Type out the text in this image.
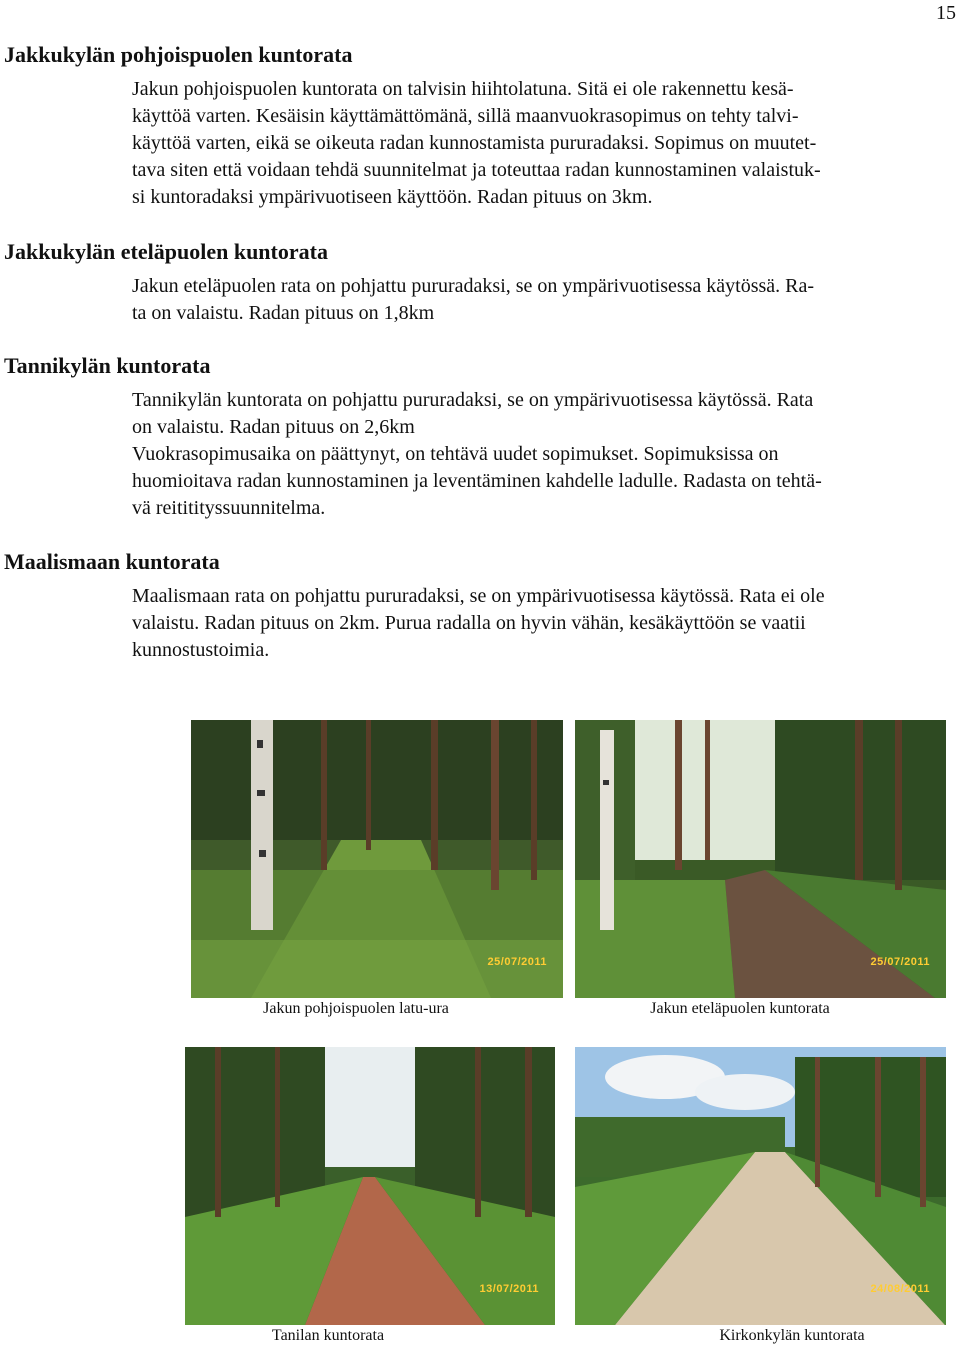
15
Jakkukylän pohjoispuolen kuntorata
Jakun pohjoispuolen kuntorata on talvisin hiihtolatuna. Sitä ei ole rakennettu kesä-
käyttöä varten. Kesäisin käyttämättömänä, sillä maanvuokrasopimus on tehty talvi-
käyttöä varten, eikä se oikeuta radan kunnostamista pururadaksi. Sopimus on muutet-
tava siten että voidaan tehdä suunnitelmat ja toteuttaa radan kunnostaminen valaistuk-
si kuntoradaksi ympärivuotiseen käyttöön. Radan pituus on 3km.
Jakkukylän eteläpuolen kuntorata
Jakun eteläpuolen rata on pohjattu pururadaksi, se on ympärivuotisessa käytössä. Ra-
ta on valaistu. Radan pituus on 1,8km
Tannikylän kuntorata
Tannikylän kuntorata on pohjattu pururadaksi, se on ympärivuotisessa käytössä. Rata
on valaistu. Radan pituus on 2,6km
Vuokrasopimusaika on päättynyt, on tehtävä uudet sopimukset. Sopimuksissa on
huomioitava radan kunnostaminen ja leventäminen kahdelle ladulle. Radasta on tehtä-
vä reititityssuunnitelma.
Maalismaan kuntorata
Maalismaan rata on pohjattu pururadaksi, se on ympärivuotisessa käytössä. Rata ei ole
valaistu. Radan pituus on 2km. Purua radalla on hyvin vähän, kesäkäyttöön se vaatii
kunnostustoimia.
25/07/2011
Jakun pohjoispuolen latu-ura
25/07/2011
Jakun eteläpuolen kuntorata
13/07/2011
Tanilan kuntorata
24/08/2011
Kirkonkylän kuntorata
